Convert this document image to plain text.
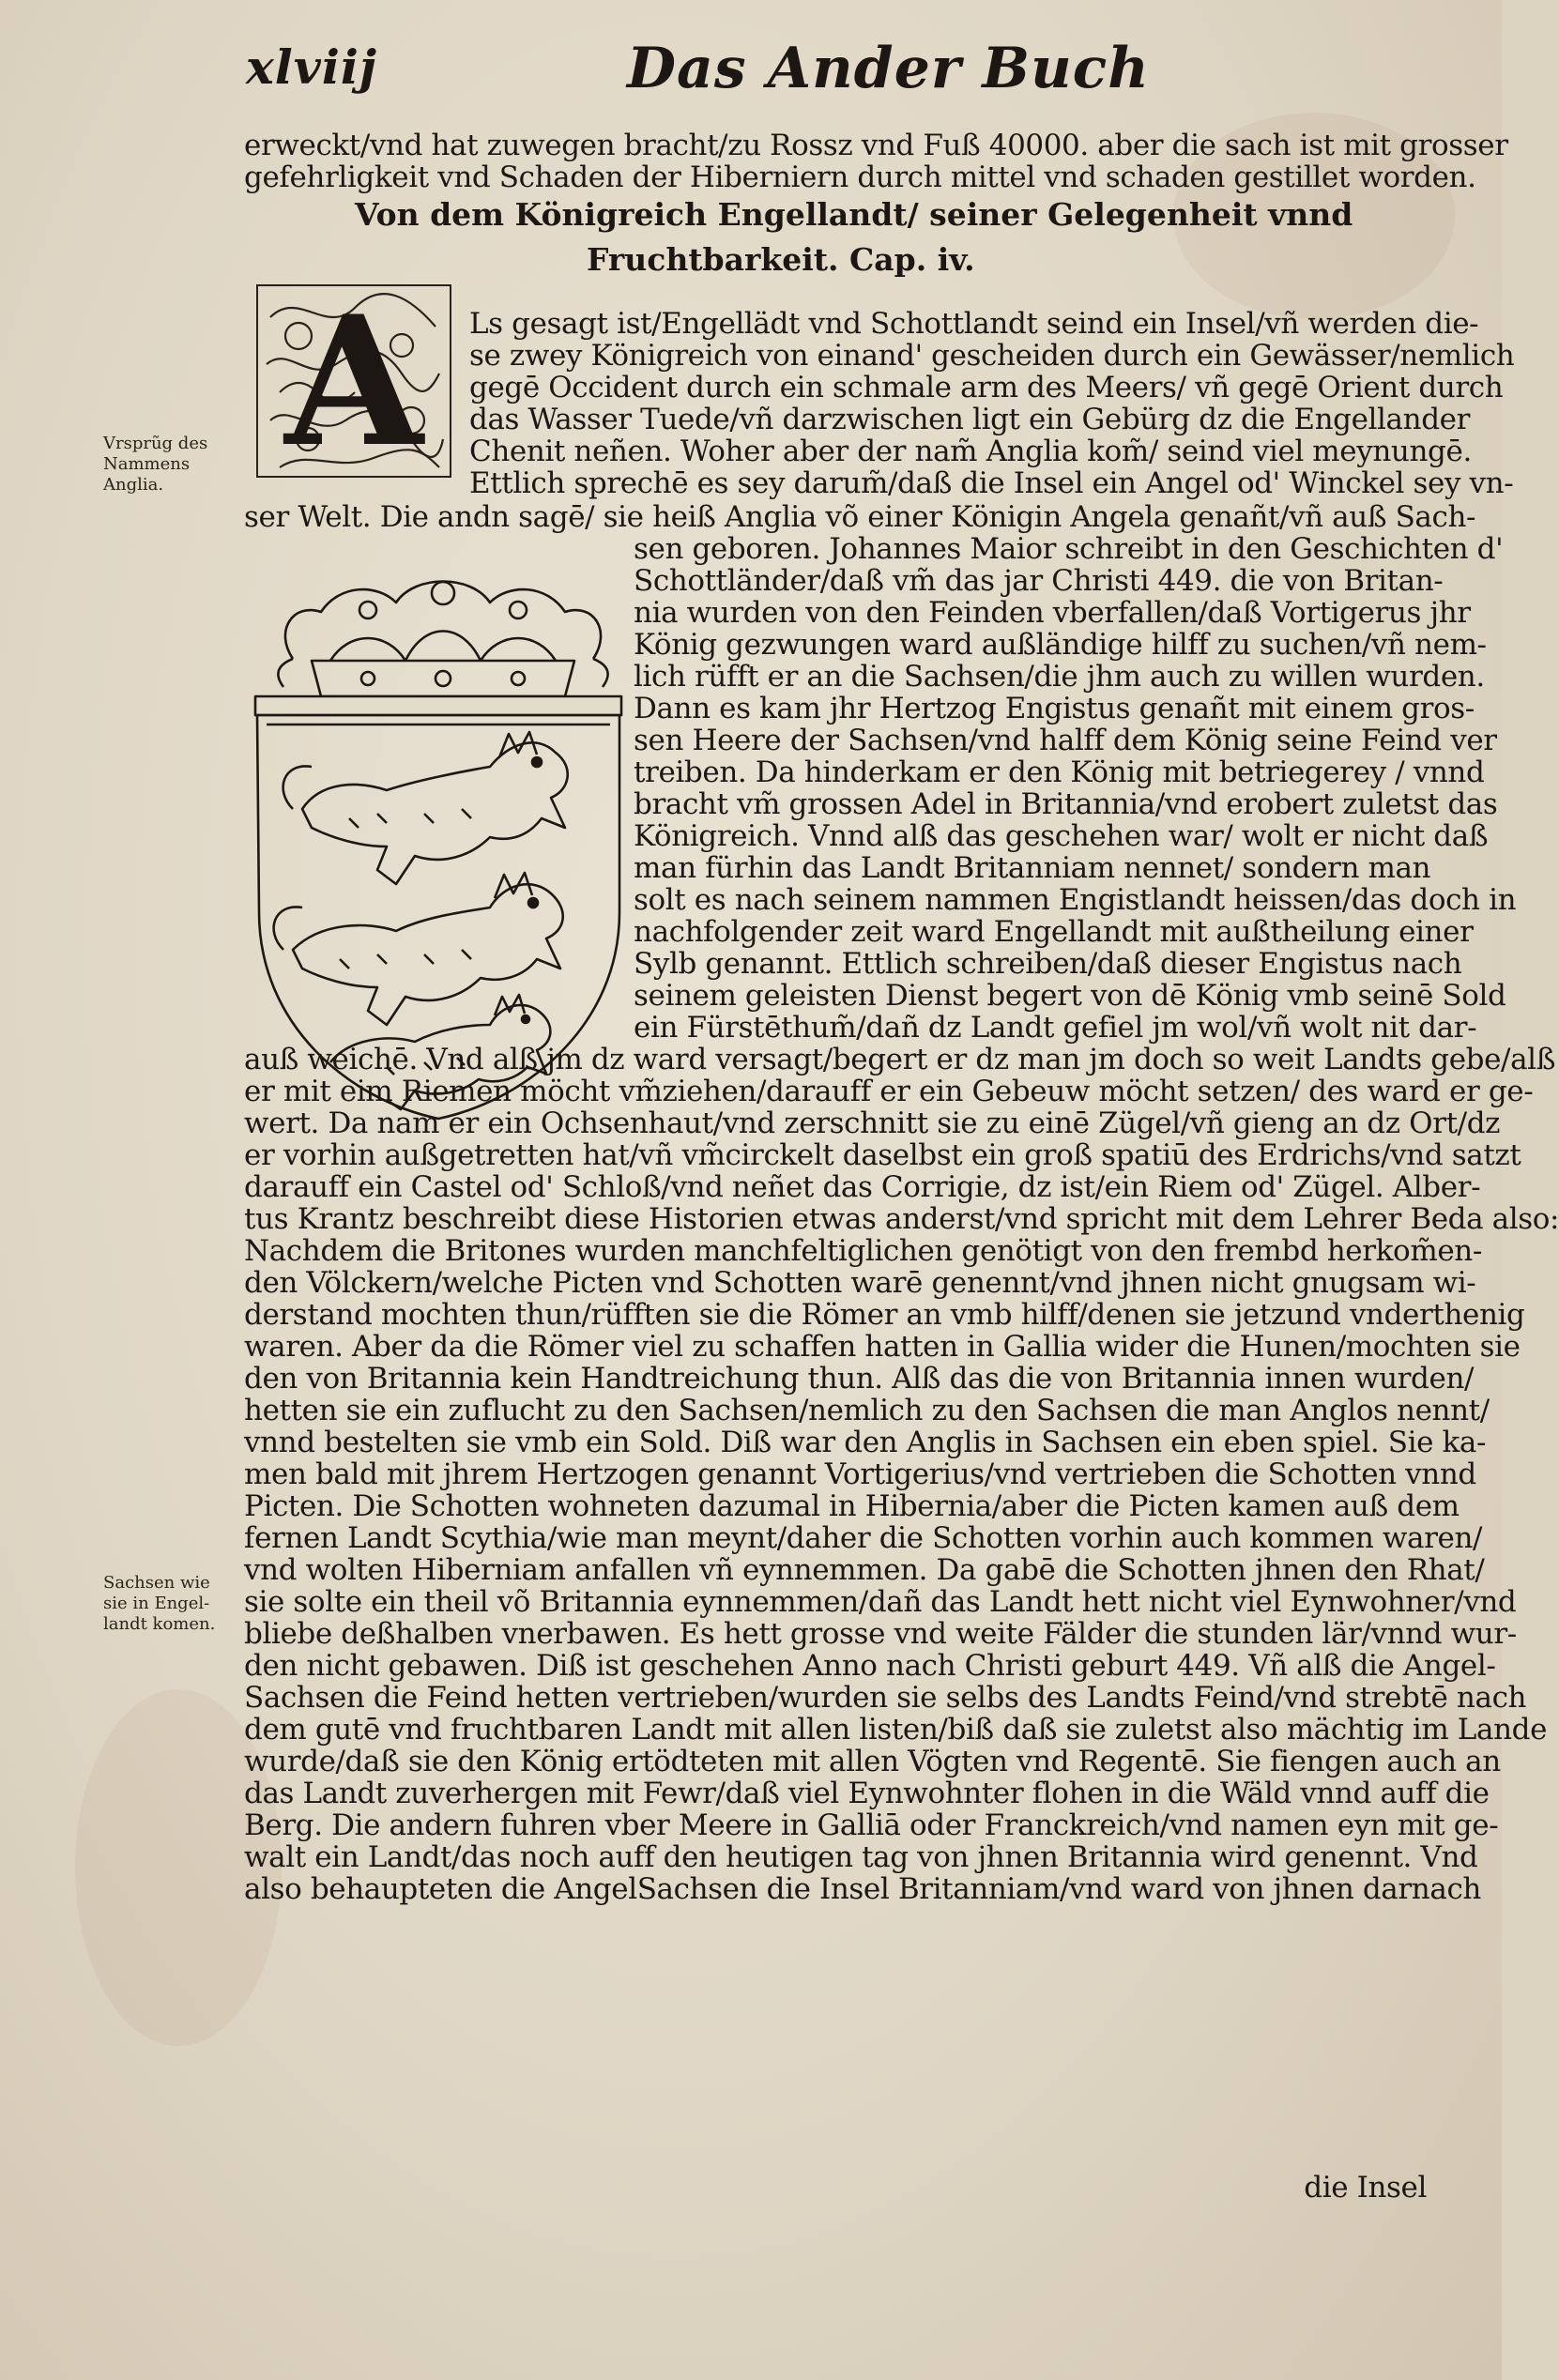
xlviij	Das Ander Buch
erweckt/vnd hat zuwegen bracht/zu Rossz vnd Fuß 40000. aber die sach ist mit grosser
gefehrligkeit vnd Schaden der Hiberniern durch mittel vnd schaden gestillet worden.
Von dem Königreich Engellandt/ seiner Gelegenheit vnnd
Fruchtbarkeit. Cap. iv.
A Ls gesagt ist/Engellädt vnd Schottlandt seind ein Insel/vñ werden die-
se zwey Königreich von einand' gescheiden durch ein Gewässer/nemlich
gegē Occident durch ein schmale arm des Meers/ vñ gegē Orient durch
das Wasser Tuede/vñ darzwischen ligt ein Gebürg dz die Engellander
Chenit neñen. Woher aber der nam̃ Anglia kom̃/ seind viel meynungē.
Ettlich sprechē es sey darum̃/daß die Insel ein Angel od' Winckel sey vn-
ser Welt. Die andn sagē/ sie heiß Anglia võ einer Königin Angela genañt/vñ auß Sach-
sen geboren. Johannes Maior schreibt in den Geschichten d'
Schottländer/daß vm̃ das jar Christi 449. die von Britan-
nia wurden von den Feinden vberfallen/daß Vortigerus jhr
König gezwungen ward außländige hilff zu suchen/vñ nem-
lich rüfft er an die Sachsen/die jhm auch zu willen wurden.
Dann es kam jhr Hertzog Engistus genañt mit einem gros-
sen Heere der Sachsen/vnd halff dem König seine Feind ver
treiben. Da hinderkam er den König mit betriegerey / vnnd
bracht vm̃ grossen Adel in Britannia/vnd erobert zuletst das
Königreich. Vnnd alß das geschehen war/ wolt er nicht daß
man fürhin das Landt Britanniam nennet/ sondern man
solt es nach seinem nammen Engistlandt heissen/das doch in
nachfolgender zeit ward Engellandt mit außtheilung einer
Sylb genannt. Ettlich schreiben/daß dieser Engistus nach
seinem geleisten Dienst begert von dē König vmb seinē Sold
ein Fürstēthum̃/dañ dz Landt gefiel jm wol/vñ wolt nit dar-
auß weichē. Vnd alß jm dz ward versagt/begert er dz man jm doch so weit Landts gebe/alß
er mit eim Riemen möcht vm̃ziehen/darauff er ein Gebeuw möcht setzen/ des ward er ge-
wert. Da nam er ein Ochsenhaut/vnd zerschnitt sie zu einē Zügel/vñ gieng an dz Ort/dz
er vorhin außgetretten hat/vñ vm̃circkelt daselbst ein groß spatiū des Erdrichs/vnd satzt
darauff ein Castel od' Schloß/vnd neñet das Corrigie, dz ist/ein Riem od' Zügel. Alber-
tus Krantz beschreibt diese Historien etwas anderst/vnd spricht mit dem Lehrer Beda also:
Nachdem die Britones wurden manchfeltiglichen genötigt von den frembd herkom̃en-
den Völckern/welche Picten vnd Schotten warē genennt/vnd jhnen nicht gnugsam wi-
derstand mochten thun/rüfften sie die Römer an vmb hilff/denen sie jetzund vnderthenig
waren. Aber da die Römer viel zu schaffen hatten in Gallia wider die Hunen/mochten sie
den von Britannia kein Handtreichung thun. Alß das die von Britannia innen wurden/
hetten sie ein zuflucht zu den Sachsen/nemlich zu den Sachsen die man Anglos nennt/
vnnd bestelten sie vmb ein Sold. Diß war den Anglis in Sachsen ein eben spiel. Sie ka-
men bald mit jhrem Hertzogen genannt Vortigerius/vnd vertrieben die Schotten vnnd
Picten. Die Schotten wohneten dazumal in Hibernia/aber die Picten kamen auß dem
fernen Landt Scythia/wie man meynt/daher die Schotten vorhin auch kommen waren/
vnd wolten Hiberniam anfallen vñ eynnemmen. Da gabē die Schotten jhnen den Rhat/
sie solte ein theil võ Britannia eynnemmen/dañ das Landt hett nicht viel Eynwohner/vnd
bliebe deßhalben vnerbawen. Es hett grosse vnd weite Fälder die stunden lär/vnnd wur-
den nicht gebawen. Diß ist geschehen Anno nach Christi geburt 449. Vñ alß die Angel-
Sachsen die Feind hetten vertrieben/wurden sie selbs des Landts Feind/vnd strebtē nach
dem gutē vnd fruchtbaren Landt mit allen listen/biß daß sie zuletst also mächtig im Lande
wurde/daß sie den König ertödteten mit allen Vögten vnd Regentē. Sie fiengen auch an
das Landt zuverhergen mit Fewr/daß viel Eynwohnter flohen in die Wäld vnnd auff die
Berg. Die andern fuhren vber Meere in Galliā oder Franckreich/vnd namen eyn mit ge-
walt ein Landt/das noch auff den heutigen tag von jhnen Britannia wird genennt. Vnd
also behaupteten die AngelSachsen die Insel Britanniam/vnd ward von jhnen darnach
die Insel
Vrsprũg des
Nammens
Anglia.
Sachsen wie
sie in Engel-
landt komen.
